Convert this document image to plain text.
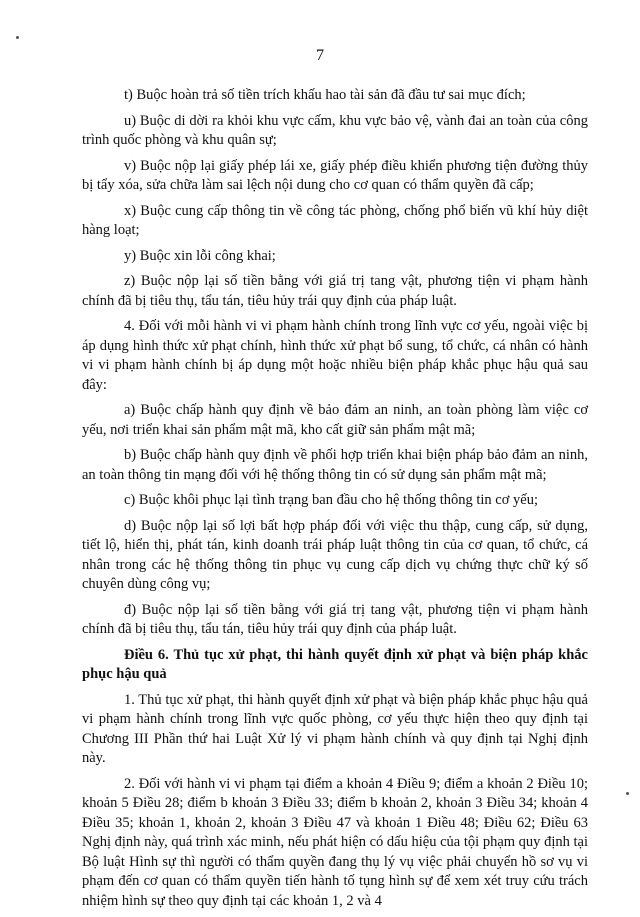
7

t) Buộc hoàn trả số tiền trích khấu hao tài sản đã đầu tư sai mục đích;

u) Buộc di dời ra khỏi khu vực cấm, khu vực bảo vệ, vành đai an toàn của công trình quốc phòng và khu quân sự;

v) Buộc nộp lại giấy phép lái xe, giấy phép điều khiển phương tiện đường thủy bị tẩy xóa, sửa chữa làm sai lệch nội dung cho cơ quan có thẩm quyền đã cấp;

x) Buộc cung cấp thông tin về công tác phòng, chống phổ biến vũ khí hủy diệt hàng loạt;

y) Buộc xin lỗi công khai;

z) Buộc nộp lại số tiền bằng với giá trị tang vật, phương tiện vi phạm hành chính đã bị tiêu thụ, tẩu tán, tiêu hủy trái quy định của pháp luật.

4. Đối với mỗi hành vi vi phạm hành chính trong lĩnh vực cơ yếu, ngoài việc bị áp dụng hình thức xử phạt chính, hình thức xử phạt bổ sung, tổ chức, cá nhân có hành vi vi phạm hành chính bị áp dụng một hoặc nhiều biện pháp khắc phục hậu quả sau đây:

a) Buộc chấp hành quy định về bảo đảm an ninh, an toàn phòng làm việc cơ yếu, nơi triển khai sản phẩm mật mã, kho cất giữ sản phẩm mật mã;

b) Buộc chấp hành quy định về phối hợp triển khai biện pháp bảo đảm an ninh, an toàn thông tin mạng đối với hệ thống thông tin có sử dụng sản phẩm mật mã;

c) Buộc khôi phục lại tình trạng ban đầu cho hệ thống thông tin cơ yếu;

d) Buộc nộp lại số lợi bất hợp pháp đối với việc thu thập, cung cấp, sử dụng, tiết lộ, hiển thị, phát tán, kinh doanh trái pháp luật thông tin của cơ quan, tổ chức, cá nhân trong các hệ thống thông tin phục vụ cung cấp dịch vụ chứng thực chữ ký số chuyên dùng công vụ;

đ) Buộc nộp lại số tiền bằng với giá trị tang vật, phương tiện vi phạm hành chính đã bị tiêu thụ, tẩu tán, tiêu hủy trái quy định của pháp luật.

Điều 6. Thủ tục xử phạt, thi hành quyết định xử phạt và biện pháp khắc phục hậu quả

1. Thủ tục xử phạt, thi hành quyết định xử phạt và biện pháp khắc phục hậu quả vi phạm hành chính trong lĩnh vực quốc phòng, cơ yếu thực hiện theo quy định tại Chương III Phần thứ hai Luật Xử lý vi phạm hành chính và quy định tại Nghị định này.

2. Đối với hành vi vi phạm tại điểm a khoản 4 Điều 9; điểm a khoản 2 Điều 10; khoản 5 Điều 28; điểm b khoản 3 Điều 33; điểm b khoản 2, khoản 3 Điều 34; khoản 4 Điều 35; khoản 1, khoản 2, khoản 3 Điều 47 và khoản 1 Điều 48; Điều 62; Điều 63 Nghị định này, quá trình xác minh, nếu phát hiện có dấu hiệu của tội phạm quy định tại Bộ luật Hình sự thì người có thẩm quyền đang thụ lý vụ việc phải chuyển hồ sơ vụ vi phạm đến cơ quan có thẩm quyền tiến hành tố tụng hình sự để xem xét truy cứu trách nhiệm hình sự theo quy định tại các khoản 1, 2 và 4
